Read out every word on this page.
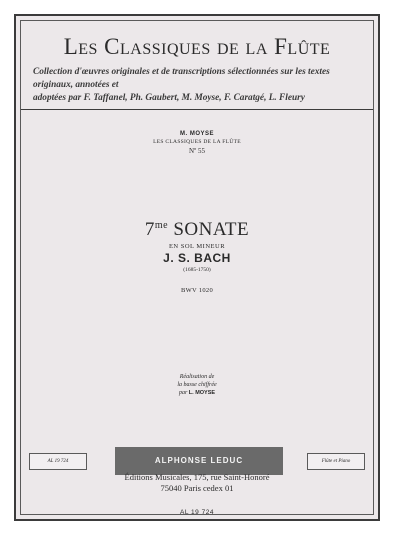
Les Classiques de la Flûte

Collection d'œuvres originales et de transcriptions sélectionnées sur les textes originaux, annotées et
adoptées par F. Taffanel, Ph. Gaubert, M. Moyse, F. Caratgé, L. Fleury

M. MOYSE
LES CLASSIQUES DE LA FLÛTE
Nº 55
$7^{me}$ SONATE
EN SOL MINEUR
J. S. BACH
(1685-1750)
BWV 1020
Réalisation de
la basse chiffrée
par L. MOYSE
AL 19 724	ALPHONSE LEDUC	Flûte et Piano
Éditions Musicales, 175, rue Saint-Honoré
75040 Paris cedex 01
AL 19 724
